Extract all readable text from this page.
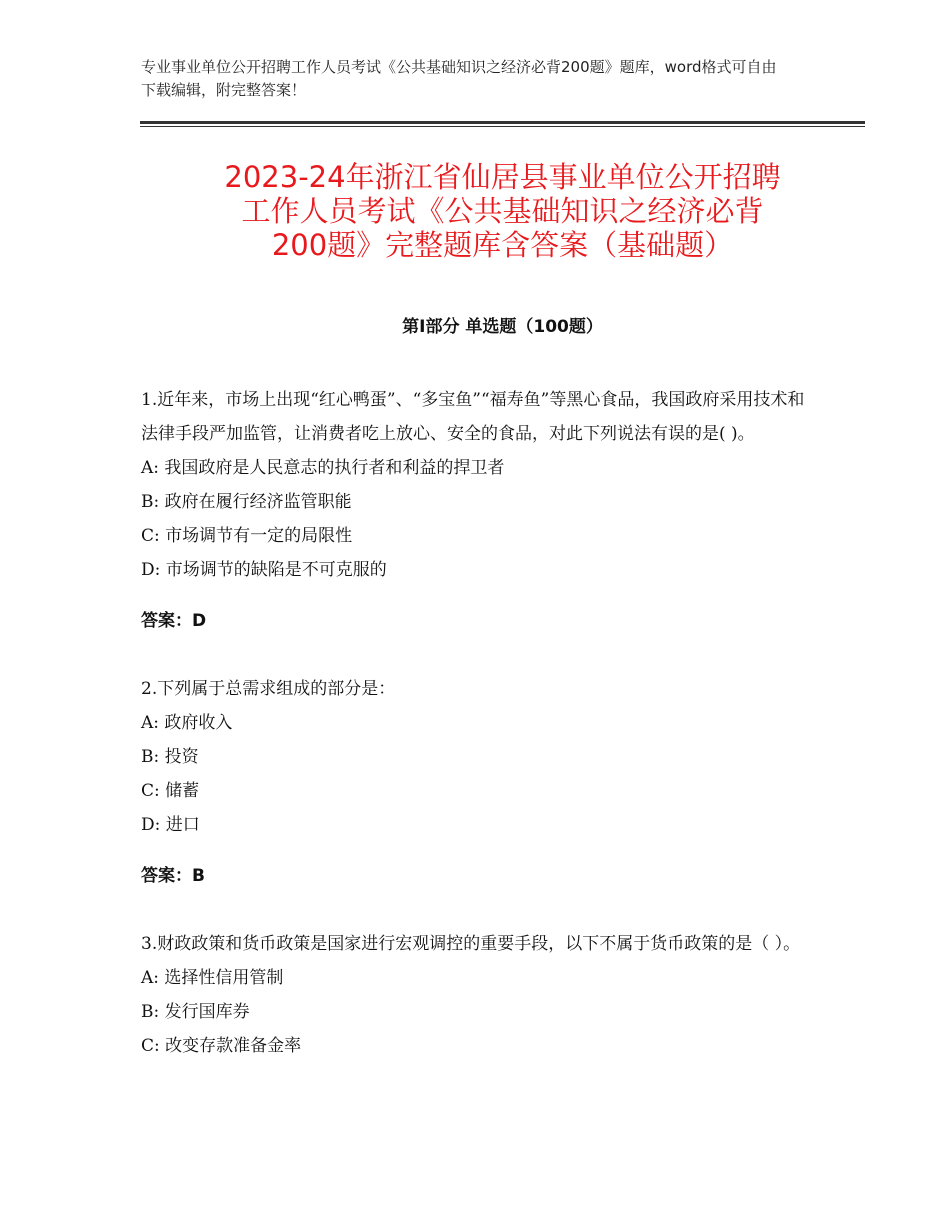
专业事业单位公开招聘工作人员考试《公共基础知识之经济必背200题》题库，word格式可自由下载编辑，附完整答案！
2023-24年浙江省仙居县事业单位公开招聘
工作人员考试《公共基础知识之经济必背
200题》完整题库含答案（基础题）
第Ⅰ部分 单选题（100题）

1.近年来，市场上出现“红心鸭蛋”、“多宝鱼”“福寿鱼”等黑心食品，我国政府采用技术和法律手段严加监管，让消费者吃上放心、安全的食品，对此下列说法有误的是( )。

A: 我国政府是人民意志的执行者和利益的捍卫者

B: 政府在履行经济监管职能

C: 市场调节有一定的局限性

D: 市场调节的缺陷是不可克服的

答案：D

2.下列属于总需求组成的部分是：

A: 政府收入

B: 投资

C: 储蓄

D: 进口

答案：B

3.财政政策和货币政策是国家进行宏观调控的重要手段，以下不属于货币政策的是（ ）。

A: 选择性信用管制

B: 发行国库券

C: 改变存款准备金率
